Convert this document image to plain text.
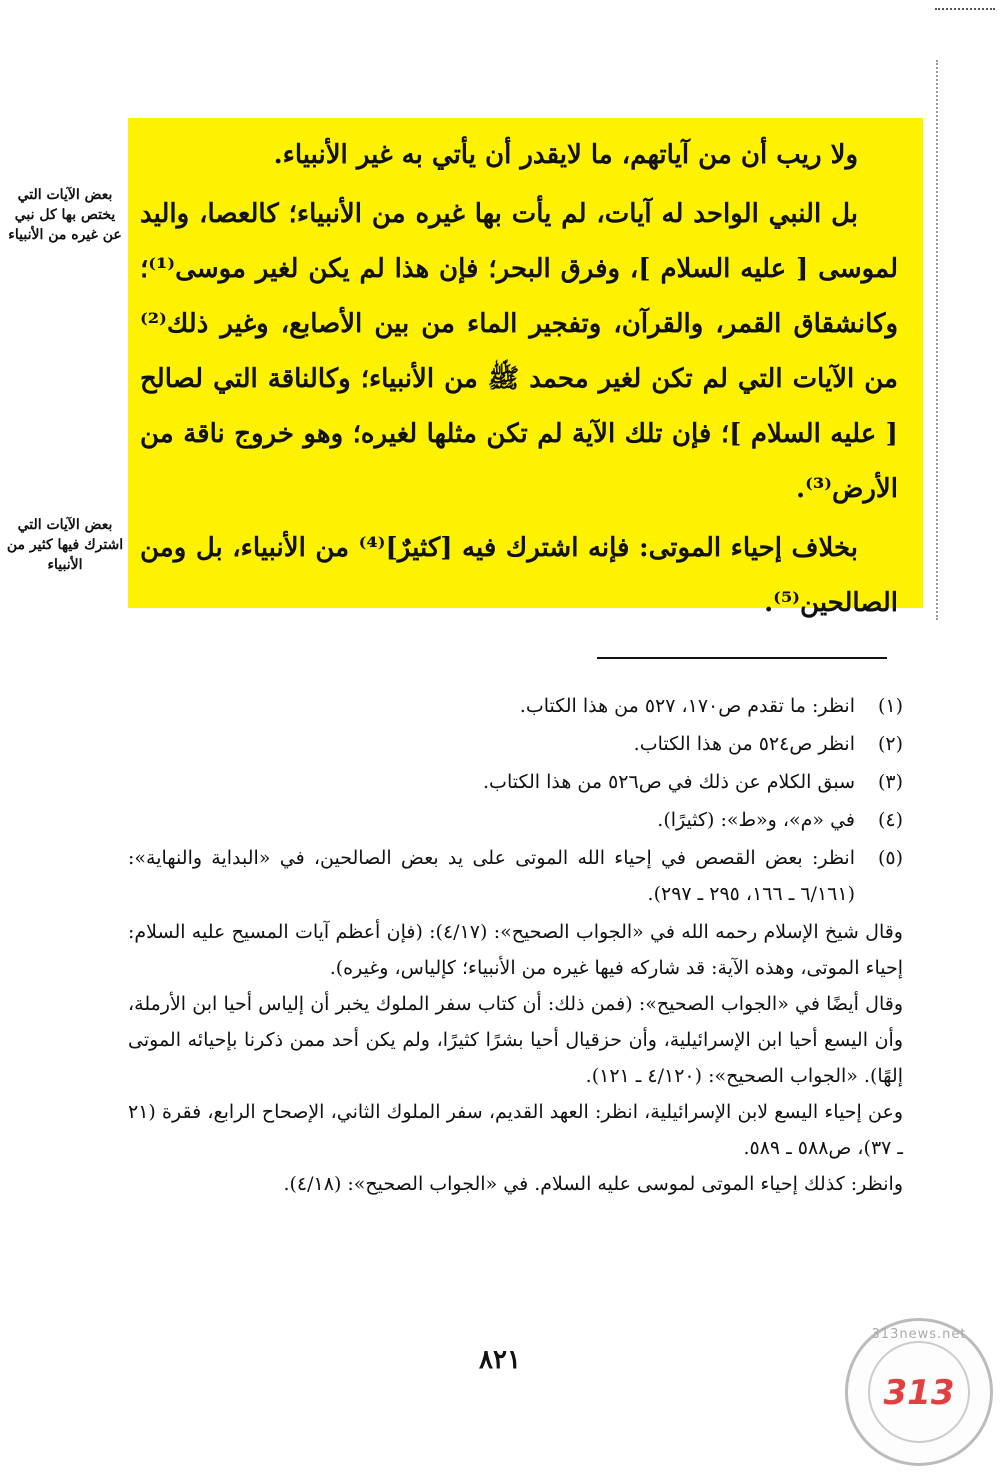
ولا ريب أن من آياتهم، ما لايقدر أن يأتي به غير الأنبياء.

بل النبي الواحد له آيات، لم يأت بها غيره من الأنبياء؛ كالعصا، واليد لموسى [ عليه السلام ]، وفرق البحر؛ فإن هذا لم يكن لغير موسى⁽¹⁾؛ وكانشقاق القمر، والقرآن، وتفجير الماء من بين الأصابع، وغير ذلك⁽²⁾ من الآيات التي لم تكن لغير محمد ﷺ من الأنبياء؛ وكالناقة التي لصالح [ عليه السلام ]؛ فإن تلك الآية لم تكن مثلها لغيره؛ وهو خروج ناقة من الأرض⁽³⁾.

بخلاف إحياء الموتى: فإنه اشترك فيه [كثيرٌ]⁽⁴⁾ من الأنبياء، بل ومن الصالحين⁽⁵⁾.

بعض الآيات التي يختص بها كل نبي عن غيره من الأنبياء
بعض الآيات التي اشترك فيها كثير من الأنبياء
(١)
انظر: ما تقدم ص١٧٠، ٥٢٧ من هذا الكتاب.
(٢)
انظر ص٥٢٤ من هذا الكتاب.
(٣)
سبق الكلام عن ذلك في ص٥٢٦ من هذا الكتاب.
(٤)
في «م»، و«ط»: (كثيرًا).
(٥)
انظر: بعض القصص في إحياء الله الموتى على يد بعض الصالحين، في «البداية والنهاية»: (٦/١٦١ ـ ١٦٦، ٢٩٥ ـ ٢٩٧).
وقال شيخ الإسلام رحمه الله في «الجواب الصحيح»: (٤/١٧): (فإن أعظم آيات المسيح عليه السلام: إحياء الموتى، وهذه الآية: قد شاركه فيها غيره من الأنبياء؛ كإلياس، وغيره).
وقال أيضًا في «الجواب الصحيح»: (فمن ذلك: أن كتاب سفر الملوك يخبر أن إلياس أحيا ابن الأرملة، وأن اليسع أحيا ابن الإسرائيلية، وأن حزقيال أحيا بشرًا كثيرًا، ولم يكن أحد ممن ذكرنا بإحيائه الموتى إلهًا). «الجواب الصحيح»: (٤/١٢٠ ـ ١٢١).
وعن إحياء اليسع لابن الإسرائيلية، انظر: العهد القديم، سفر الملوك الثاني، الإصحاح الرابع، فقرة (٢١ ـ ٣٧)، ص٥٨٨ ـ ٥٨٩.
وانظر: كذلك إحياء الموتى لموسى عليه السلام. في «الجواب الصحيح»: (٤/١٨).
٨٢١
313news.net
313
